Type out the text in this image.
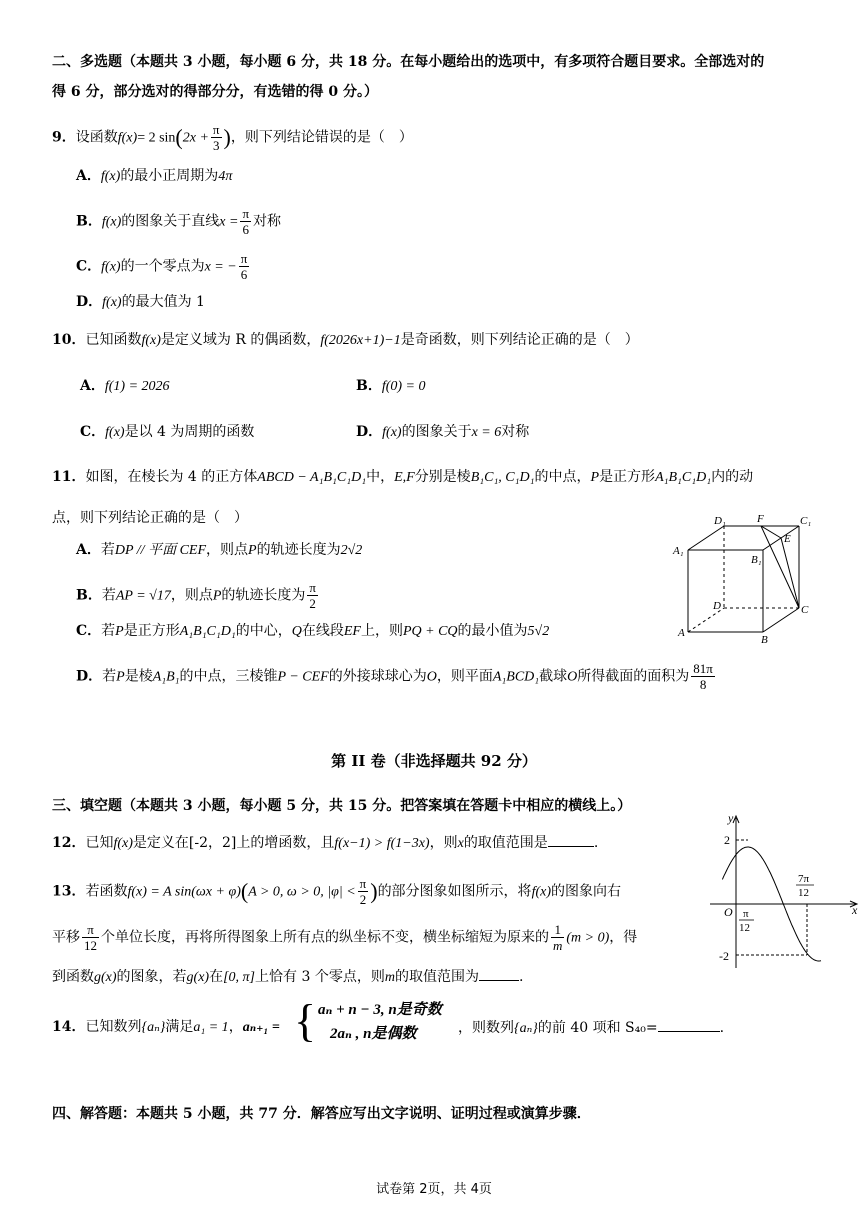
二、多选题（本题共 3 小题，每小题 6 分，共 18 分。在每小题给出的选项中，有多项符合题目要求。全部选对的
得 6 分，部分选对的得部分分，有选错的得 0 分。）
9．设函数f(x)= 2 $\sin(2x + \frac{\pi}{3}$ )，则下列结论错误的是（　）
A．f(x)的最小正周期为4π
B．f(x)的图象关于直线$x = \frac{\pi}{6}$ 对称
C．f(x)的一个零点为x = − $\frac{\pi}{6}$
D．f(x)的最大值为 1
10．已知函数f(x)是定义域为 R 的偶函数，f(2026x+1)−1是奇函数，则下列结论正确的是（　）
A．f(1) = 2026	B．f(0) = 0
C．f(x)是以 4 为周期的函数	D．f(x)的图象关于x = 6对称
11．如图，在棱长为 4 的正方体ABCD − A₁B₁C₁D₁中，E,F分别是棱B₁C₁, C₁D₁的中点，P是正方形A₁B₁C₁D₁内的动
点，则下列结论正确的是（　）
A．若DP // 平面 CEF，则点P的轨迹长度为2√2
B．若AP = √17，则点P的轨迹长度为 $\frac{\pi}{2}$
C．若P是正方形A₁B₁C₁D₁的中心，Q在线段EF上，则PQ + CQ的最小值为5√2
D．若P是棱A₁B₁的中点，三棱锥P − CEF的外接球球心为O，则平面A₁BCD₁截球O所得截面的面积为 $\frac{81\pi}{8}$
D₁	F	C₁
A₁
E
B₁
D	C
A
B
第 II 卷（非选择题共 92 分）
三、填空题（本题共 3 小题，每小题 5 分，共 15 分。把答案填在答题卡中相应的横线上。）
12．已知f(x)是定义在[-2，2]上的增函数，且f(x−1) > f(1−3x)，则x的取值范围是	.
13．若函数f(x) = A sin(ωx + φ)(A > 0, ω > 0, $|\varphi| < \frac{\pi}{2}$ )的部分图象如图所示，将f(x)的图象向右
平移 $\frac{\pi}{12}$ 个单位长度，再将所得图象上所有点的纵坐标不变，横坐标缩短为原来的 $\frac{1}{m} (m > 0)$，得
到函数g(x)的图象，若g(x)在[0, π]上恰有 3 个零点，则m的取值范围为	.
y
x
O
2
-2
π
12
7π
12
14．已知数列{aₙ}满足a₁ = 1，aₙ₊₁ = { aₙ + n − 3, n是奇数
2aₙ , n是偶数	，则数列{aₙ}的前 40 项和 S₄₀=	.
四、解答题：本题共 5 小题，共 77 分．解答应写出文字说明、证明过程或演算步骤．
试卷第 2页，共 4页
